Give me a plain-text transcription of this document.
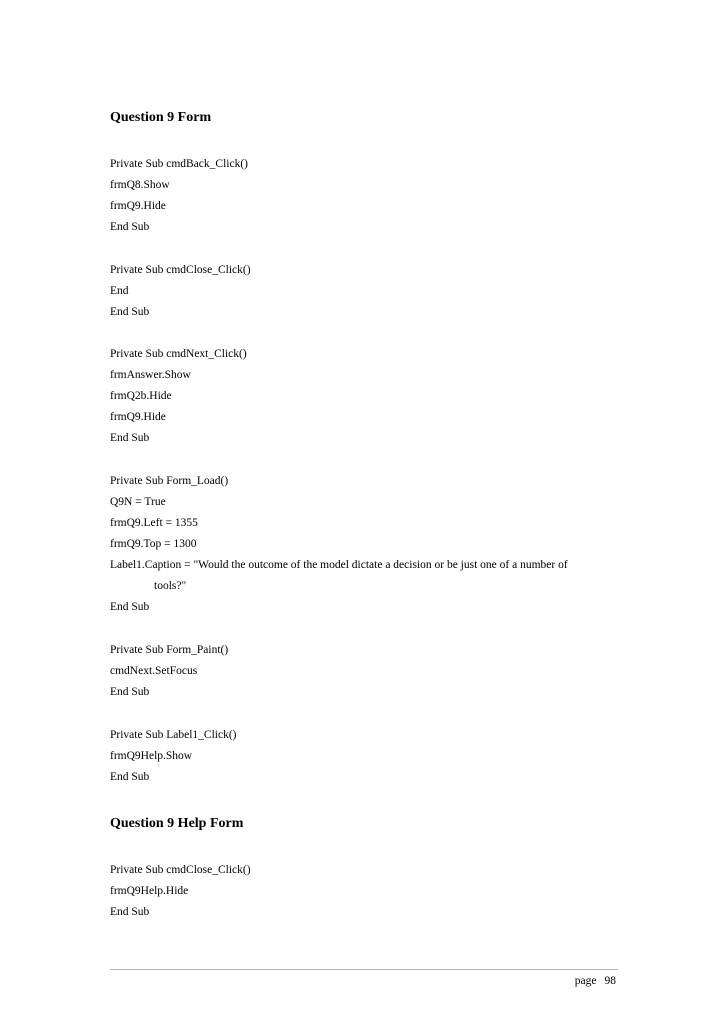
Question 9 Form
Private Sub cmdBack_Click()
frmQ8.Show
frmQ9.Hide
End Sub
Private Sub cmdClose_Click()
End
End Sub
Private Sub cmdNext_Click()
frmAnswer.Show
frmQ2b.Hide
frmQ9.Hide
End Sub
Private Sub Form_Load()
Q9N = True
frmQ9.Left = 1355
frmQ9.Top = 1300
Label1.Caption = "Would the outcome of the model dictate a decision or be just one of a number of
tools?"
End Sub
Private Sub Form_Paint()
cmdNext.SetFocus
End Sub
Private Sub Label1_Click()
frmQ9Help.Show
End Sub
Question 9 Help Form
Private Sub cmdClose_Click()
frmQ9Help.Hide
End Sub
page 98
